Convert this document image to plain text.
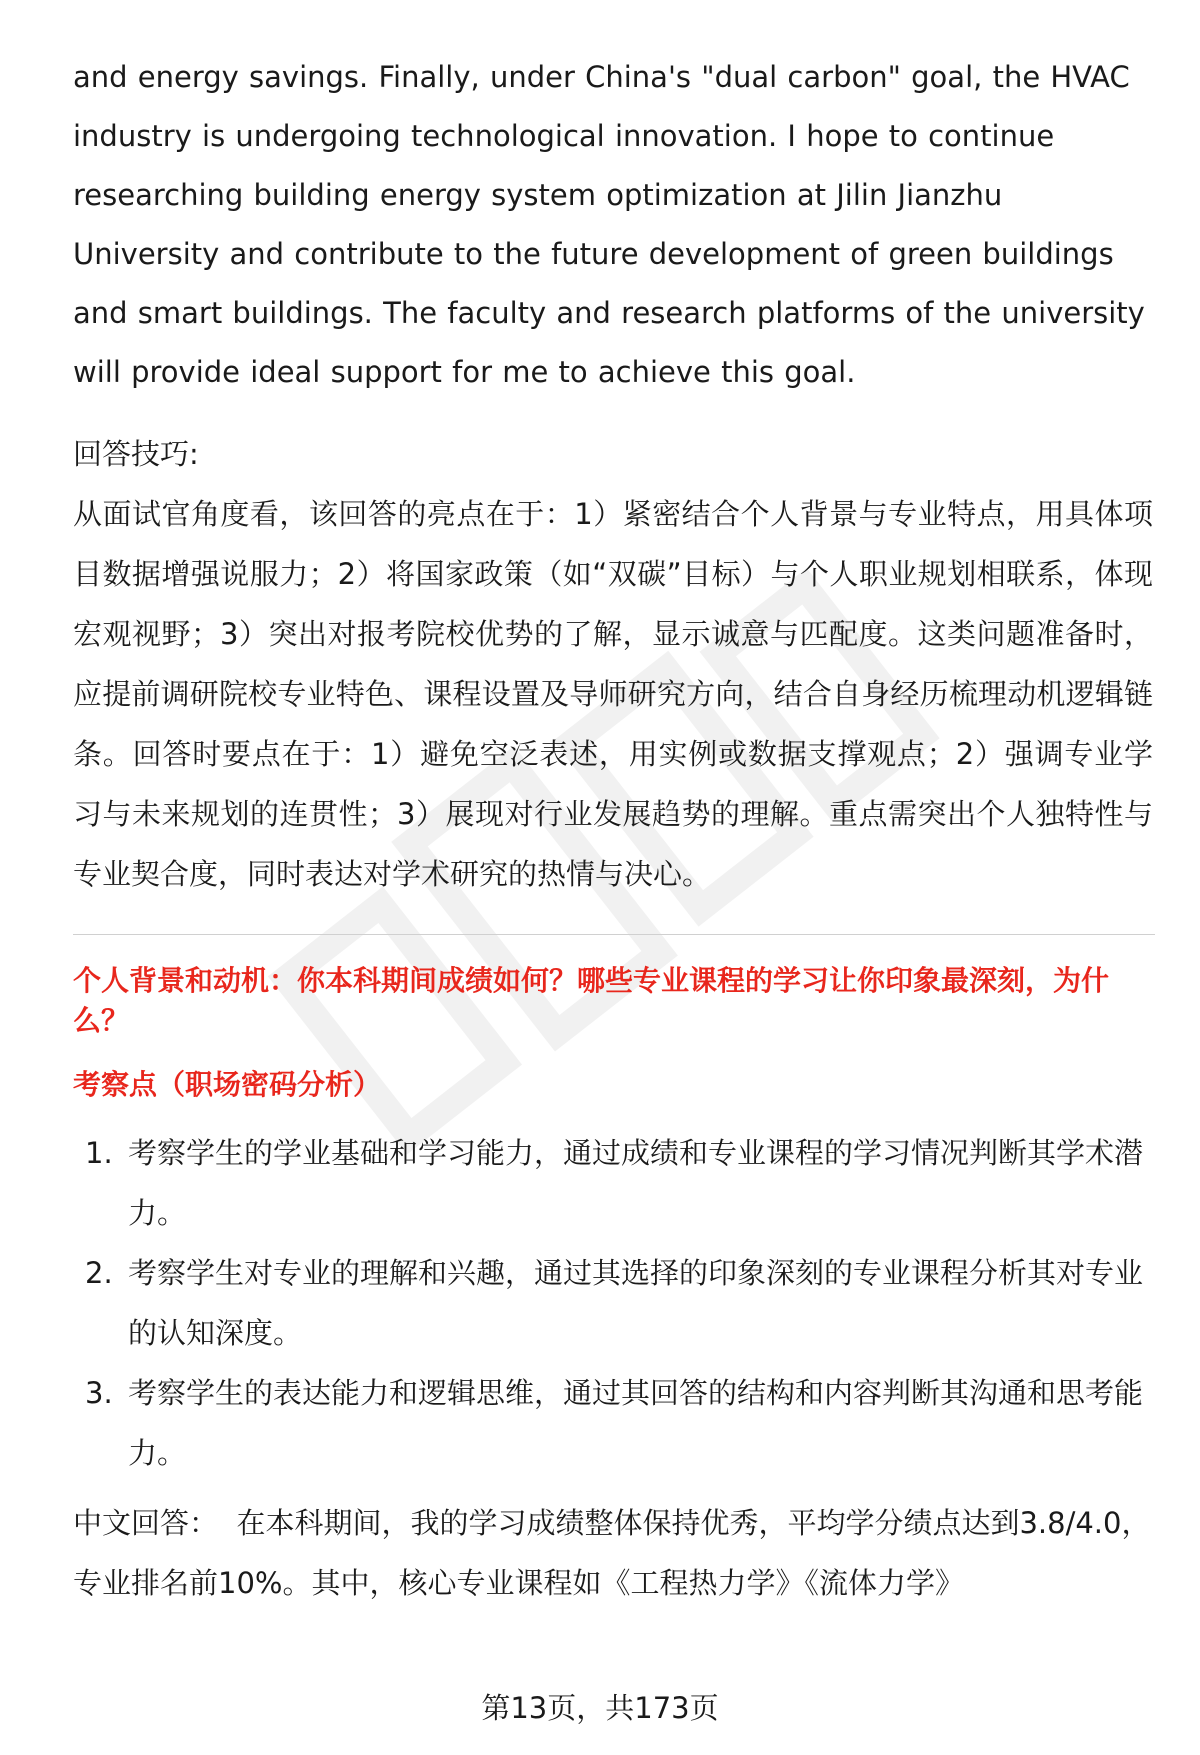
and energy savings. Finally, under China's "dual carbon" goal, the HVAC industry is undergoing technological innovation. I hope to continue researching building energy system optimization at Jilin Jianzhu University and contribute to the future development of green buildings and smart buildings. The faculty and research platforms of the university will provide ideal support for me to achieve this goal.

回答技巧:

从面试官角度看，该回答的亮点在于：1）紧密结合个人背景与专业特点，用具体项目数据增强说服力；2）将国家政策（如“双碳”目标）与个人职业规划相联系，体现宏观视野；3）突出对报考院校优势的了解，显示诚意与匹配度。这类问题准备时，应提前调研院校专业特色、课程设置及导师研究方向，结合自身经历梳理动机逻辑链条。回答时要点在于：1）避免空泛表述，用实例或数据支撑观点；2）强调专业学习与未来规划的连贯性；3）展现对行业发展趋势的理解。重点需突出个人独特性与专业契合度，同时表达对学术研究的热情与决心。

个人背景和动机：你本科期间成绩如何？哪些专业课程的学习让你印象最深刻，为什么？
考察点（职场密码分析）
1. 考察学生的学业基础和学习能力，通过成绩和专业课程的学习情况判断其学术潜力。
2. 考察学生对专业的理解和兴趣，通过其选择的印象深刻的专业课程分析其对专业的认知深度。
3. 考察学生的表达能力和逻辑思维，通过其回答的结构和内容判断其沟通和思考能力。
中文回答： 在本科期间，我的学习成绩整体保持优秀，平均学分绩点达到3.8/4.0，专业排名前10%。其中，核心专业课程如《工程热力学》《流体力学》
第13页，共173页
